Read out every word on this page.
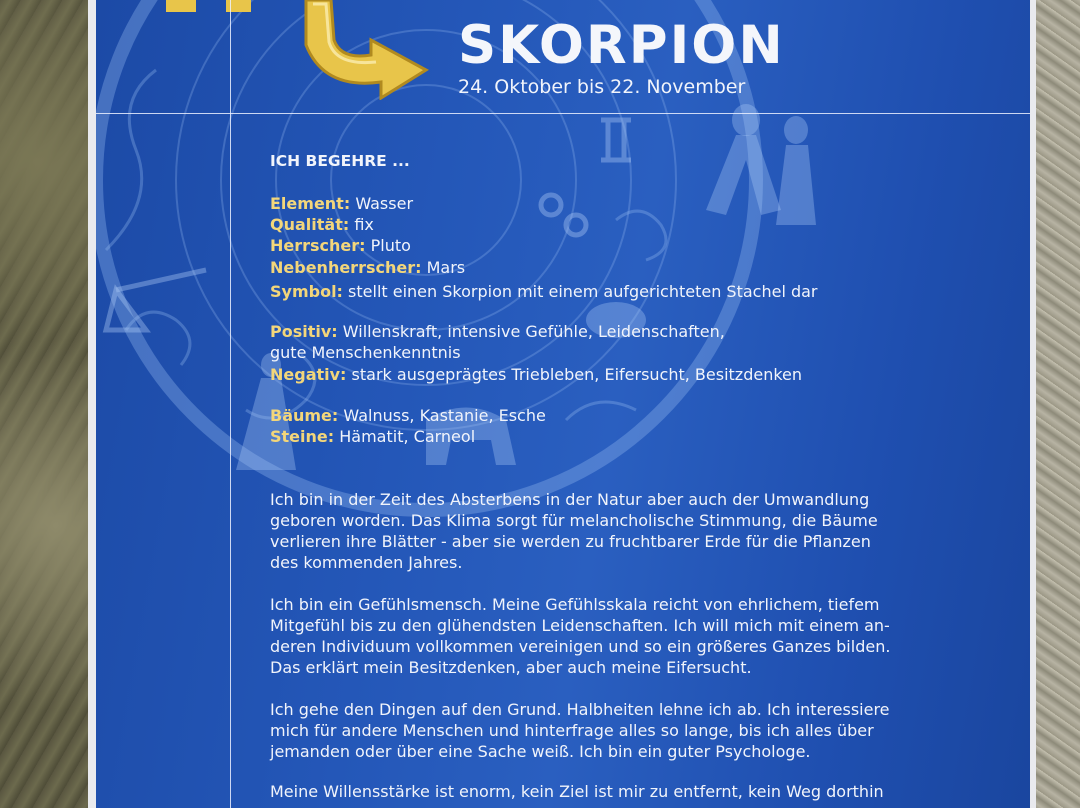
SKORPION
24. Oktober bis 22. November
ICH BEGEHRE ...
Element: Wasser
Qualität: fix
Herrscher: Pluto
Nebenherrscher: Mars
Symbol: stellt einen Skorpion mit einem aufgerichteten Stachel dar
Positiv: Willenskraft, intensive Gefühle, Leidenschaften,
gute Menschenkenntnis
Negativ: stark ausgeprägtes Triebleben, Eifersucht, Besitzdenken
Bäume: Walnuss, Kastanie, Esche
Steine: Hämatit, Carneol
Ich bin in der Zeit des Absterbens in der Natur aber auch der Umwandlung
geboren worden. Das Klima sorgt für melancholische Stimmung, die Bäume
verlieren ihre Blätter - aber sie werden zu fruchtbarer Erde für die Pflanzen
des kommenden Jahres.
Ich bin ein Gefühlsmensch. Meine Gefühlsskala reicht von ehrlichem, tiefem
Mitgefühl bis zu den glühendsten Leidenschaften. Ich will mich mit einem an-
deren Individuum vollkommen vereinigen und so ein größeres Ganzes bilden.
Das erklärt mein Besitzdenken, aber auch meine Eifersucht.
Ich gehe den Dingen auf den Grund. Halbheiten lehne ich ab. Ich interessiere
mich für andere Menschen und hinterfrage alles so lange, bis ich alles über
jemanden oder über eine Sache weiß. Ich bin ein guter Psychologe.
Meine Willensstärke ist enorm, kein Ziel ist mir zu entfernt, kein Weg dorthin
